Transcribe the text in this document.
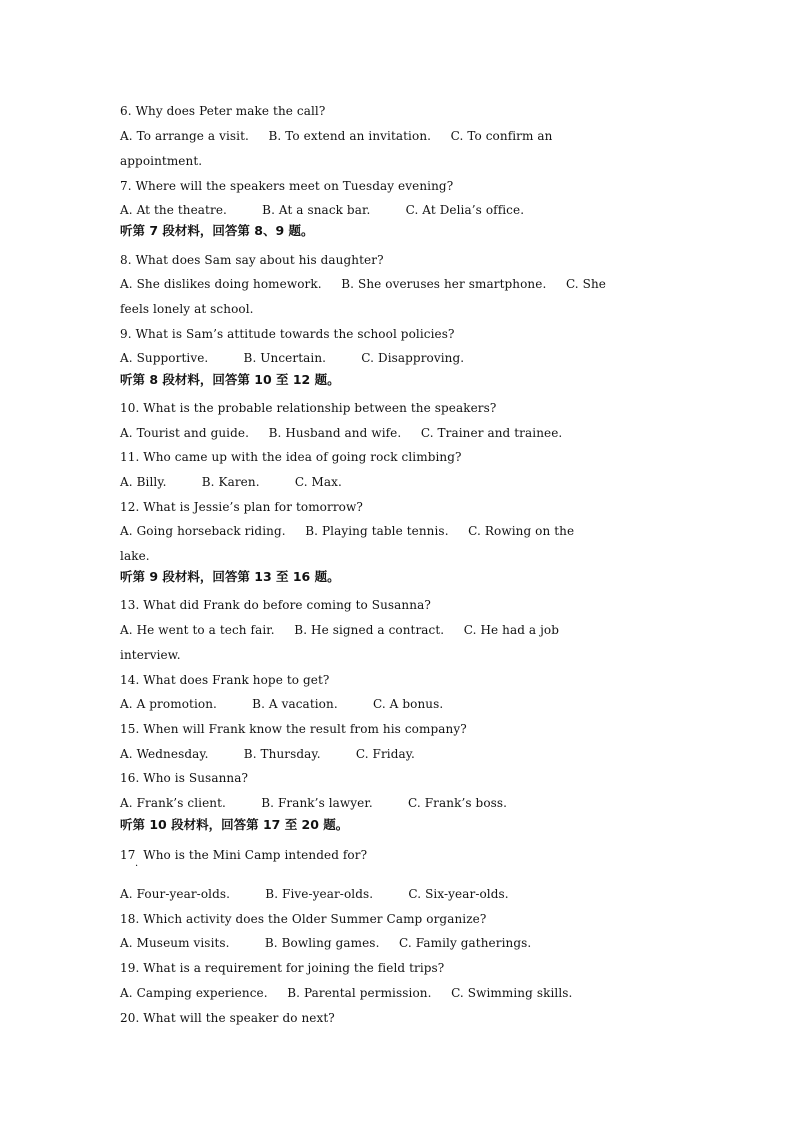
6. Why does Peter make the call?
A. To arrange a visit.     B. To extend an invitation.     C. To confirm an
appointment.
7. Where will the speakers meet on Tuesday evening?
A. At the theatre.         B. At a snack bar.         C. At Delia’s office.
听第 7 段材料，回答第 8、9 题。
8. What does Sam say about his daughter?
A. She dislikes doing homework.     B. She overuses her smartphone.     C. She
feels lonely at school.
9. What is Sam’s attitude towards the school policies?
A. Supportive.         B. Uncertain.         C. Disapproving.
听第 8 段材料，回答第 10 至 12 题。
10. What is the probable relationship between the speakers?
A. Tourist and guide.     B. Husband and wife.     C. Trainer and trainee.
11. Who came up with the idea of going rock climbing?
A. Billy.         B. Karen.         C. Max.
12. What is Jessie’s plan for tomorrow?
A. Going horseback riding.     B. Playing table tennis.     C. Rowing on the
lake.
听第 9 段材料，回答第 13 至 16 题。
13. What did Frank do before coming to Susanna?
A. He went to a tech fair.     B. He signed a contract.     C. He had a job
interview.
14. What does Frank hope to get?
A. A promotion.         B. A vacation.         C. A bonus.
15. When will Frank know the result from his company?
A. Wednesday.         B. Thursday.         C. Friday.
16. Who is Susanna?
A. Frank’s client.         B. Frank’s lawyer.         C. Frank’s boss.
听第 10 段材料，回答第 17 至 20 题。
17  Who is the Mini Camp intended for?
·
A. Four-year-olds.         B. Five-year-olds.         C. Six-year-olds.
18. Which activity does the Older Summer Camp organize?
A. Museum visits.         B. Bowling games.     C. Family gatherings.
19. What is a requirement for joining the field trips?
A. Camping experience.     B. Parental permission.     C. Swimming skills.
20. What will the speaker do next?
